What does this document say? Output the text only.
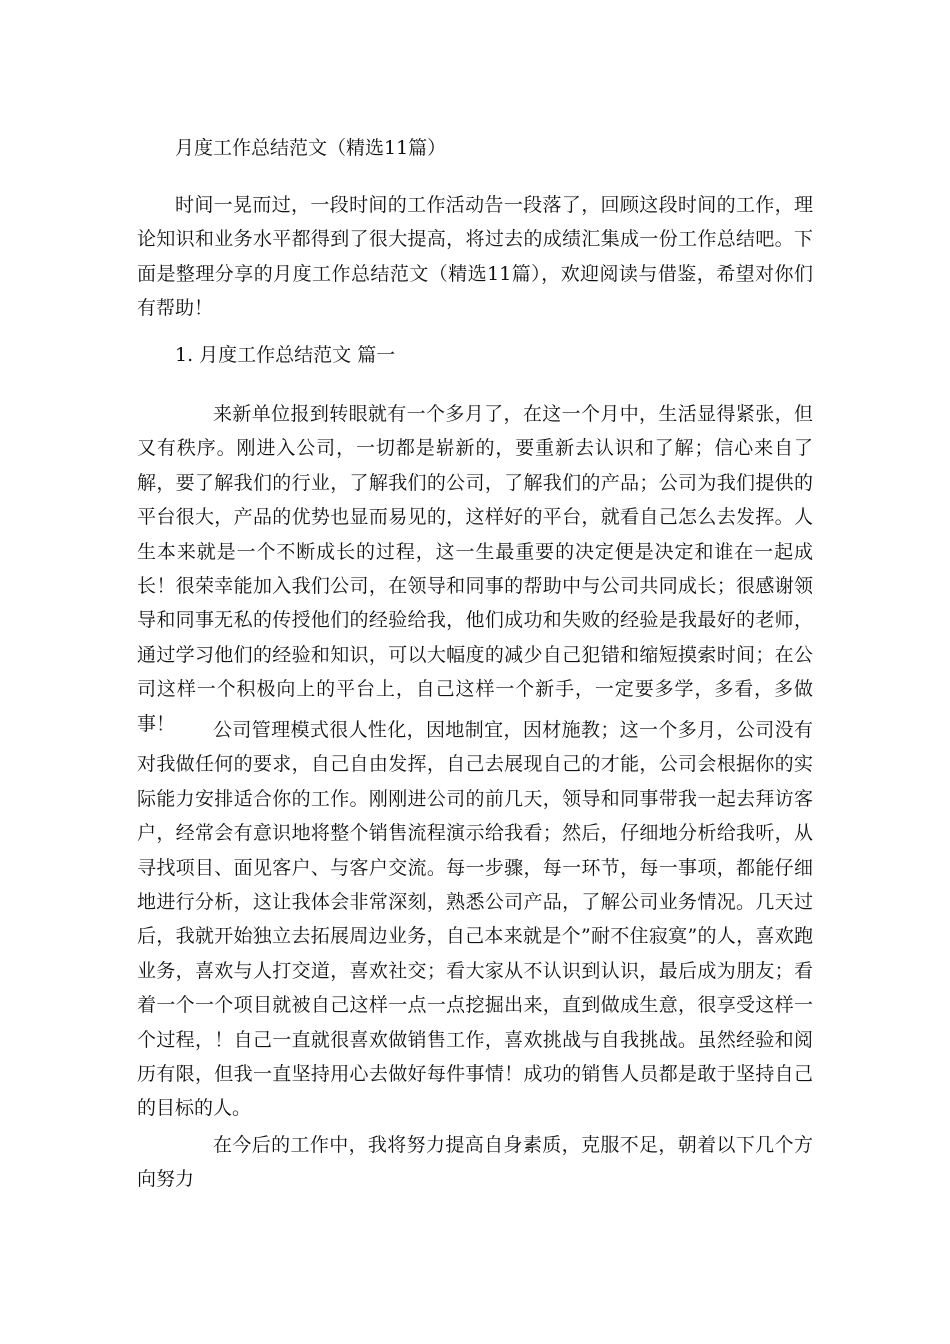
月度工作总结范文（精选11篇）

时间一晃而过，一段时间的工作活动告一段落了，回顾这段时间的工作，理论知识和业务水平都得到了很大提高，将过去的成绩汇集成一份工作总结吧。下面是整理分享的月度工作总结范文（精选11篇），欢迎阅读与借鉴，希望对你们有帮助！

1. 月度工作总结范文 篇一

来新单位报到转眼就有一个多月了，在这一个月中，生活显得紧张，但又有秩序。刚进入公司，一切都是崭新的，要重新去认识和了解；信心来自了解，要了解我们的行业，了解我们的公司，了解我们的产品；公司为我们提供的平台很大，产品的优势也显而易见的，这样好的平台，就看自己怎么去发挥。人生本来就是一个不断成长的过程，这一生最重要的决定便是决定和谁在一起成长！很荣幸能加入我们公司，在领导和同事的帮助中与公司共同成长；很感谢领导和同事无私的传授他们的经验给我，他们成功和失败的经验是我最好的老师，通过学习他们的经验和知识，可以大幅度的减少自己犯错和缩短摸索时间；在公司这样一个积极向上的平台上，自己这样一个新手，一定要多学，多看，多做事！	公司管理模式很人性化，因地制宜，因材施教；这一个多月，公司没有对我做任何的要求，自己自由发挥，自己去展现自己的才能，公司会根据你的实际能力安排适合你的工作。刚刚进公司的前几天，领导和同事带我一起去拜访客户，经常会有意识地将整个销售流程演示给我看；然后，仔细地分析给我听，从寻找项目、面见客户、与客户交流。每一步骤，每一环节，每一事项，都能仔细地进行分析，这让我体会非常深刻，熟悉公司产品，了解公司业务情况。几天过后，我就开始独立去拓展周边业务，自己本来就是个”耐不住寂寞”的人，喜欢跑业务，喜欢与人打交道，喜欢社交；看大家从不认识到认识，最后成为朋友；看着一个一个项目就被自己这样一点一点挖掘出来，直到做成生意，很享受这样一个过程，！自己一直就很喜欢做销售工作，喜欢挑战与自我挑战。虽然经验和阅历有限，但我一直坚持用心去做好每件事情！成功的销售人员都是敢于坚持自己的目标的人。

在今后的工作中，我将努力提高自身素质，克服不足，朝着以下几个方向努力
